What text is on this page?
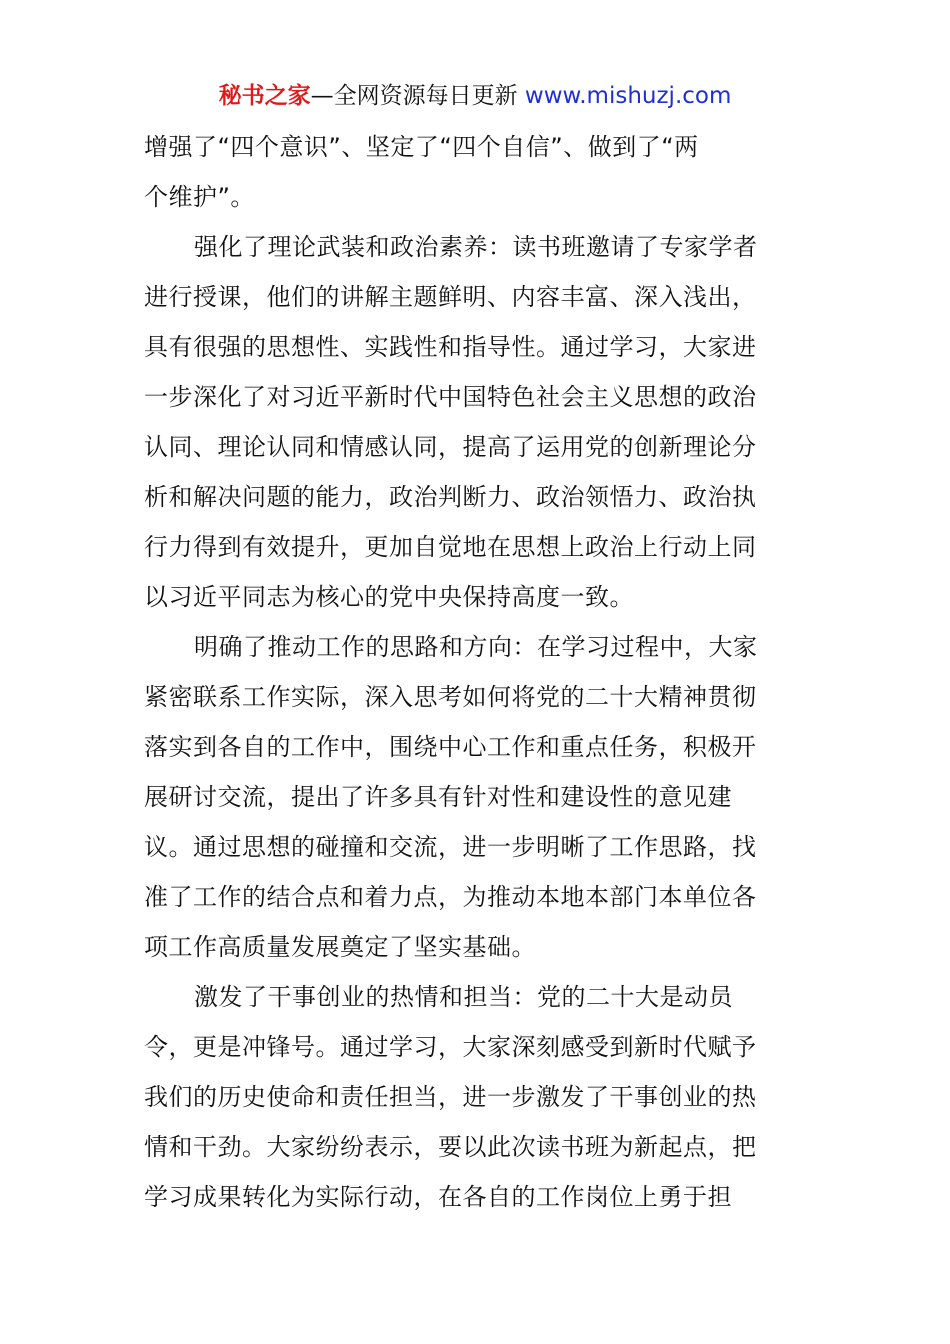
秘书之家—全网资源每日更新 www.mishuzj.com
增强了“四个意识”、坚定了“四个自信”、做到了“两
个维护”。
强化了理论武装和政治素养：读书班邀请了专家学者
进行授课，他们的讲解主题鲜明、内容丰富、深入浅出，
具有很强的思想性、实践性和指导性。通过学习，大家进
一步深化了对习近平新时代中国特色社会主义思想的政治
认同、理论认同和情感认同，提高了运用党的创新理论分
析和解决问题的能力，政治判断力、政治领悟力、政治执
行力得到有效提升，更加自觉地在思想上政治上行动上同
以习近平同志为核心的党中央保持高度一致。
明确了推动工作的思路和方向：在学习过程中，大家
紧密联系工作实际，深入思考如何将党的二十大精神贯彻
落实到各自的工作中，围绕中心工作和重点任务，积极开
展研讨交流，提出了许多具有针对性和建设性的意见建
议。通过思想的碰撞和交流，进一步明晰了工作思路，找
准了工作的结合点和着力点，为推动本地本部门本单位各
项工作高质量发展奠定了坚实基础。
激发了干事创业的热情和担当：党的二十大是动员
令，更是冲锋号。通过学习，大家深刻感受到新时代赋予
我们的历史使命和责任担当，进一步激发了干事创业的热
情和干劲。大家纷纷表示，要以此次读书班为新起点，把
学习成果转化为实际行动，在各自的工作岗位上勇于担
